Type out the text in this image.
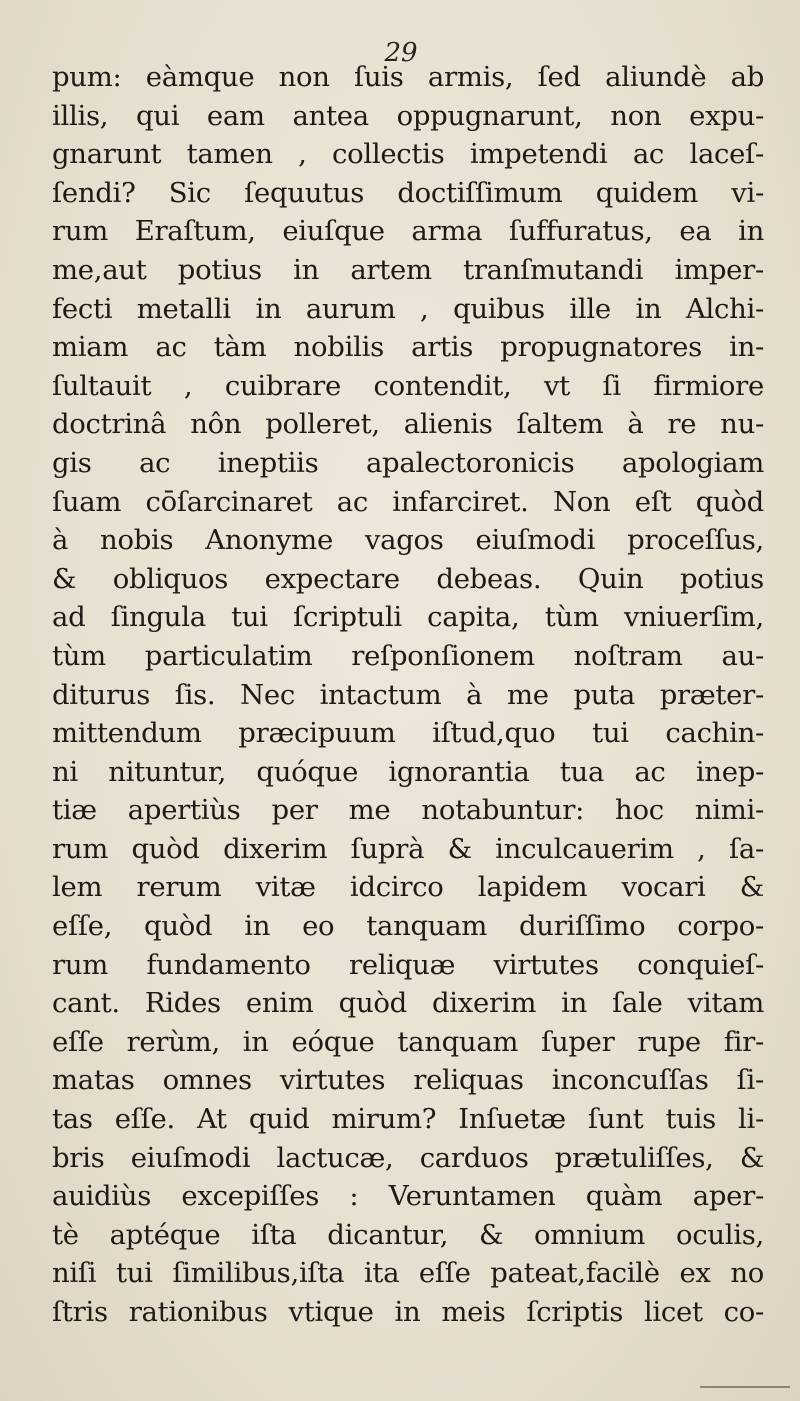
29
pum: eàmque non ſuis armis, ſed aliundè ab
illis, qui eam antea oppugnarunt, non expu-
gnarunt tamen , collectis impetendi ac laceſ-
ſendi? Sic ſequutus doctiſſimum quidem vi-
rum Eraſtum, eiuſque arma ſuffuratus, ea in
me,aut potius in artem tranſmutandi imper-
fecti metalli in aurum , quibus ille in Alchi-
miam ac tàm nobilis artis propugnatores in-
ſultauit , cuibrare contendit, vt ſi firmiore
doctrinâ nôn polleret, alienis ſaltem à re nu-
gis ac ineptiis apalectoronicis apologiam
ſuam cōſarcinaret ac infarciret. Non eſt quòd
à nobis Anonyme vagos eiuſmodi proceſſus,
& obliquos expectare debeas. Quin potius
ad ſingula tui ſcriptuli capita, tùm vniuerſim,
tùm particulatim reſponſionem noſtram au-
diturus ſis. Nec intactum à me puta præter-
mittendum præcipuum iſtud,quo tui cachin-
ni nituntur, quóque ignorantia tua ac inep-
tiæ apertiùs per me notabuntur: hoc nimi-
rum quòd dixerim ſuprà & inculcauerim , ſa-
lem rerum vitæ idcirco lapidem vocari &
eſſe, quòd in eo tanquam duriſſimo corpo-
rum fundamento reliquæ virtutes conquieſ-
cant. Rides enim quòd dixerim in ſale vitam
eſſe rerùm, in eóque tanquam ſuper rupe fir-
matas omnes virtutes reliquas inconcuſſas ſi-
tas eſſe. At quid mirum? Inſuetæ ſunt tuis li-
bris eiuſmodi lactucæ, carduos prætuliſſes, &
auidiùs excepiſſes : Veruntamen quàm aper-
tè aptéque iſta dicantur, & omnium oculis,
niſi tui ſimilibus,iſta ita eſſe pateat,facilè ex no
ſtris rationibus vtique in meis ſcriptis licet co-
